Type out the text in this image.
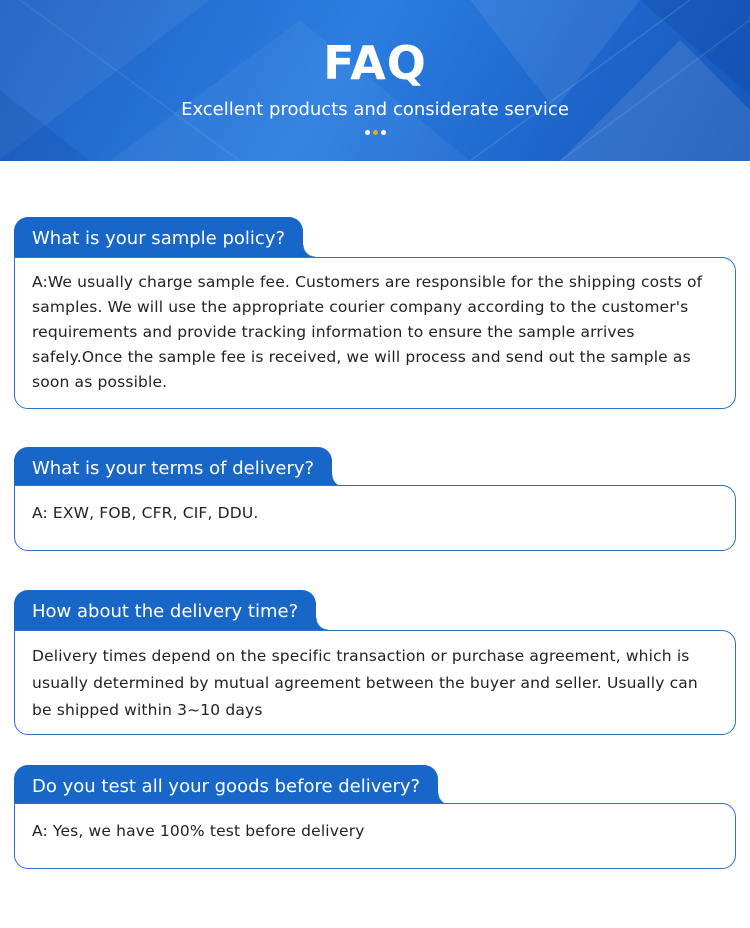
FAQ
Excellent products and considerate service
What is your sample policy?
A:We usually charge sample fee. Customers are responsible for the shipping costs of samples. We will use the appropriate courier company according to the customer's requirements and provide tracking information to ensure the sample arrives safely.Once the sample fee is received, we will process and send out the sample as soon as possible.
What is your terms of delivery?
A: EXW, FOB, CFR, CIF, DDU.
How about the delivery time?
Delivery times depend on the specific transaction or purchase agreement, which is usually determined by mutual agreement between the buyer and seller. Usually can be shipped within 3~10 days
Do you test all your goods before delivery?
A: Yes, we have 100% test before delivery
